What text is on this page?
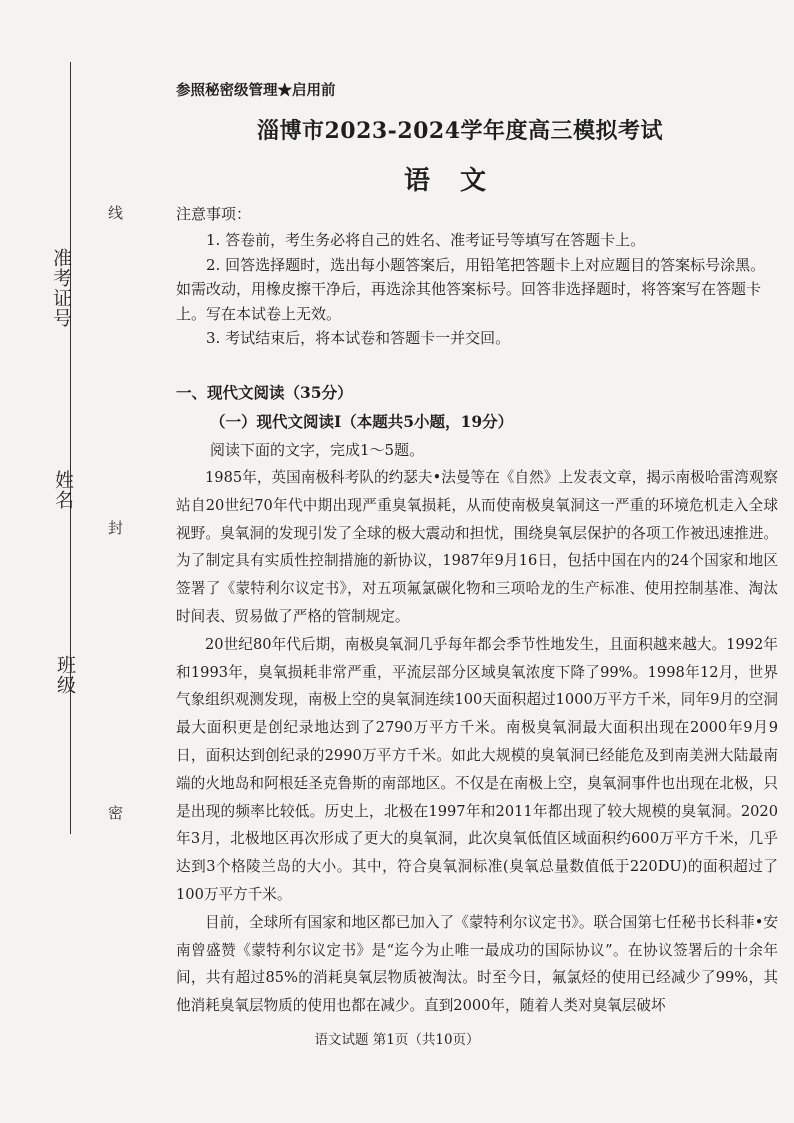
准考证号
姓名
班级
线
封
密
参照秘密级管理★启用前
淄博市2023-2024学年度高三模拟考试
语文
注意事项：

1. 答卷前，考生务必将自己的姓名、准考证号等填写在答题卡上。

2. 回答选择题时，选出每小题答案后，用铅笔把答题卡上对应题目的答案标号涂黑。如需改动，用橡皮擦干净后，再选涂其他答案标号。回答非选择题时，将答案写在答题卡上。写在本试卷上无效。

3. 考试结束后，将本试卷和答题卡一并交回。

一、现代文阅读（35分）
（一）现代文阅读Ⅰ（本题共5小题，19分）
阅读下面的文字，完成1～5题。

1985年，英国南极科考队的约瑟夫•法曼等在《自然》上发表文章，揭示南极哈雷湾观察站自20世纪70年代中期出现严重臭氧损耗，从而使南极臭氧洞这一严重的环境危机走入全球视野。臭氧洞的发现引发了全球的极大震动和担忧，围绕臭氧层保护的各项工作被迅速推进。为了制定具有实质性控制措施的新协议，1987年9月16日，包括中国在内的24个国家和地区签署了《蒙特利尔议定书》，对五项氟氯碳化物和三项哈龙的生产标准、使用控制基准、淘汰时间表、贸易做了严格的管制规定。

20世纪80年代后期，南极臭氧洞几乎每年都会季节性地发生，且面积越来越大。1992年和1993年，臭氧损耗非常严重，平流层部分区域臭氧浓度下降了99%。1998年12月，世界气象组织观测发现，南极上空的臭氧洞连续100天面积超过1000万平方千米，同年9月的空洞最大面积更是创纪录地达到了2790万平方千米。南极臭氧洞最大面积出现在2000年9月9日，面积达到创纪录的2990万平方千米。如此大规模的臭氧洞已经能危及到南美洲大陆最南端的火地岛和阿根廷圣克鲁斯的南部地区。不仅是在南极上空，臭氧洞事件也出现在北极，只是出现的频率比较低。历史上，北极在1997年和2011年都出现了较大规模的臭氧洞。2020年3月，北极地区再次形成了更大的臭氧洞，此次臭氧低值区域面积约600万平方千米，几乎达到3个格陵兰岛的大小。其中，符合臭氧洞标准(臭氧总量数值低于220DU)的面积超过了100万平方千米。

目前，全球所有国家和地区都已加入了《蒙特利尔议定书》。联合国第七任秘书长科菲•安南曾盛赞《蒙特利尔议定书》是“迄今为止唯一最成功的国际协议”。在协议签署后的十余年间，共有超过85%的消耗臭氧层物质被淘汰。时至今日，氟氯烃的使用已经减少了99%，其他消耗臭氧层物质的使用也都在减少。直到2000年，随着人类对臭氧层破坏

语文试题 第1页（共10页）
